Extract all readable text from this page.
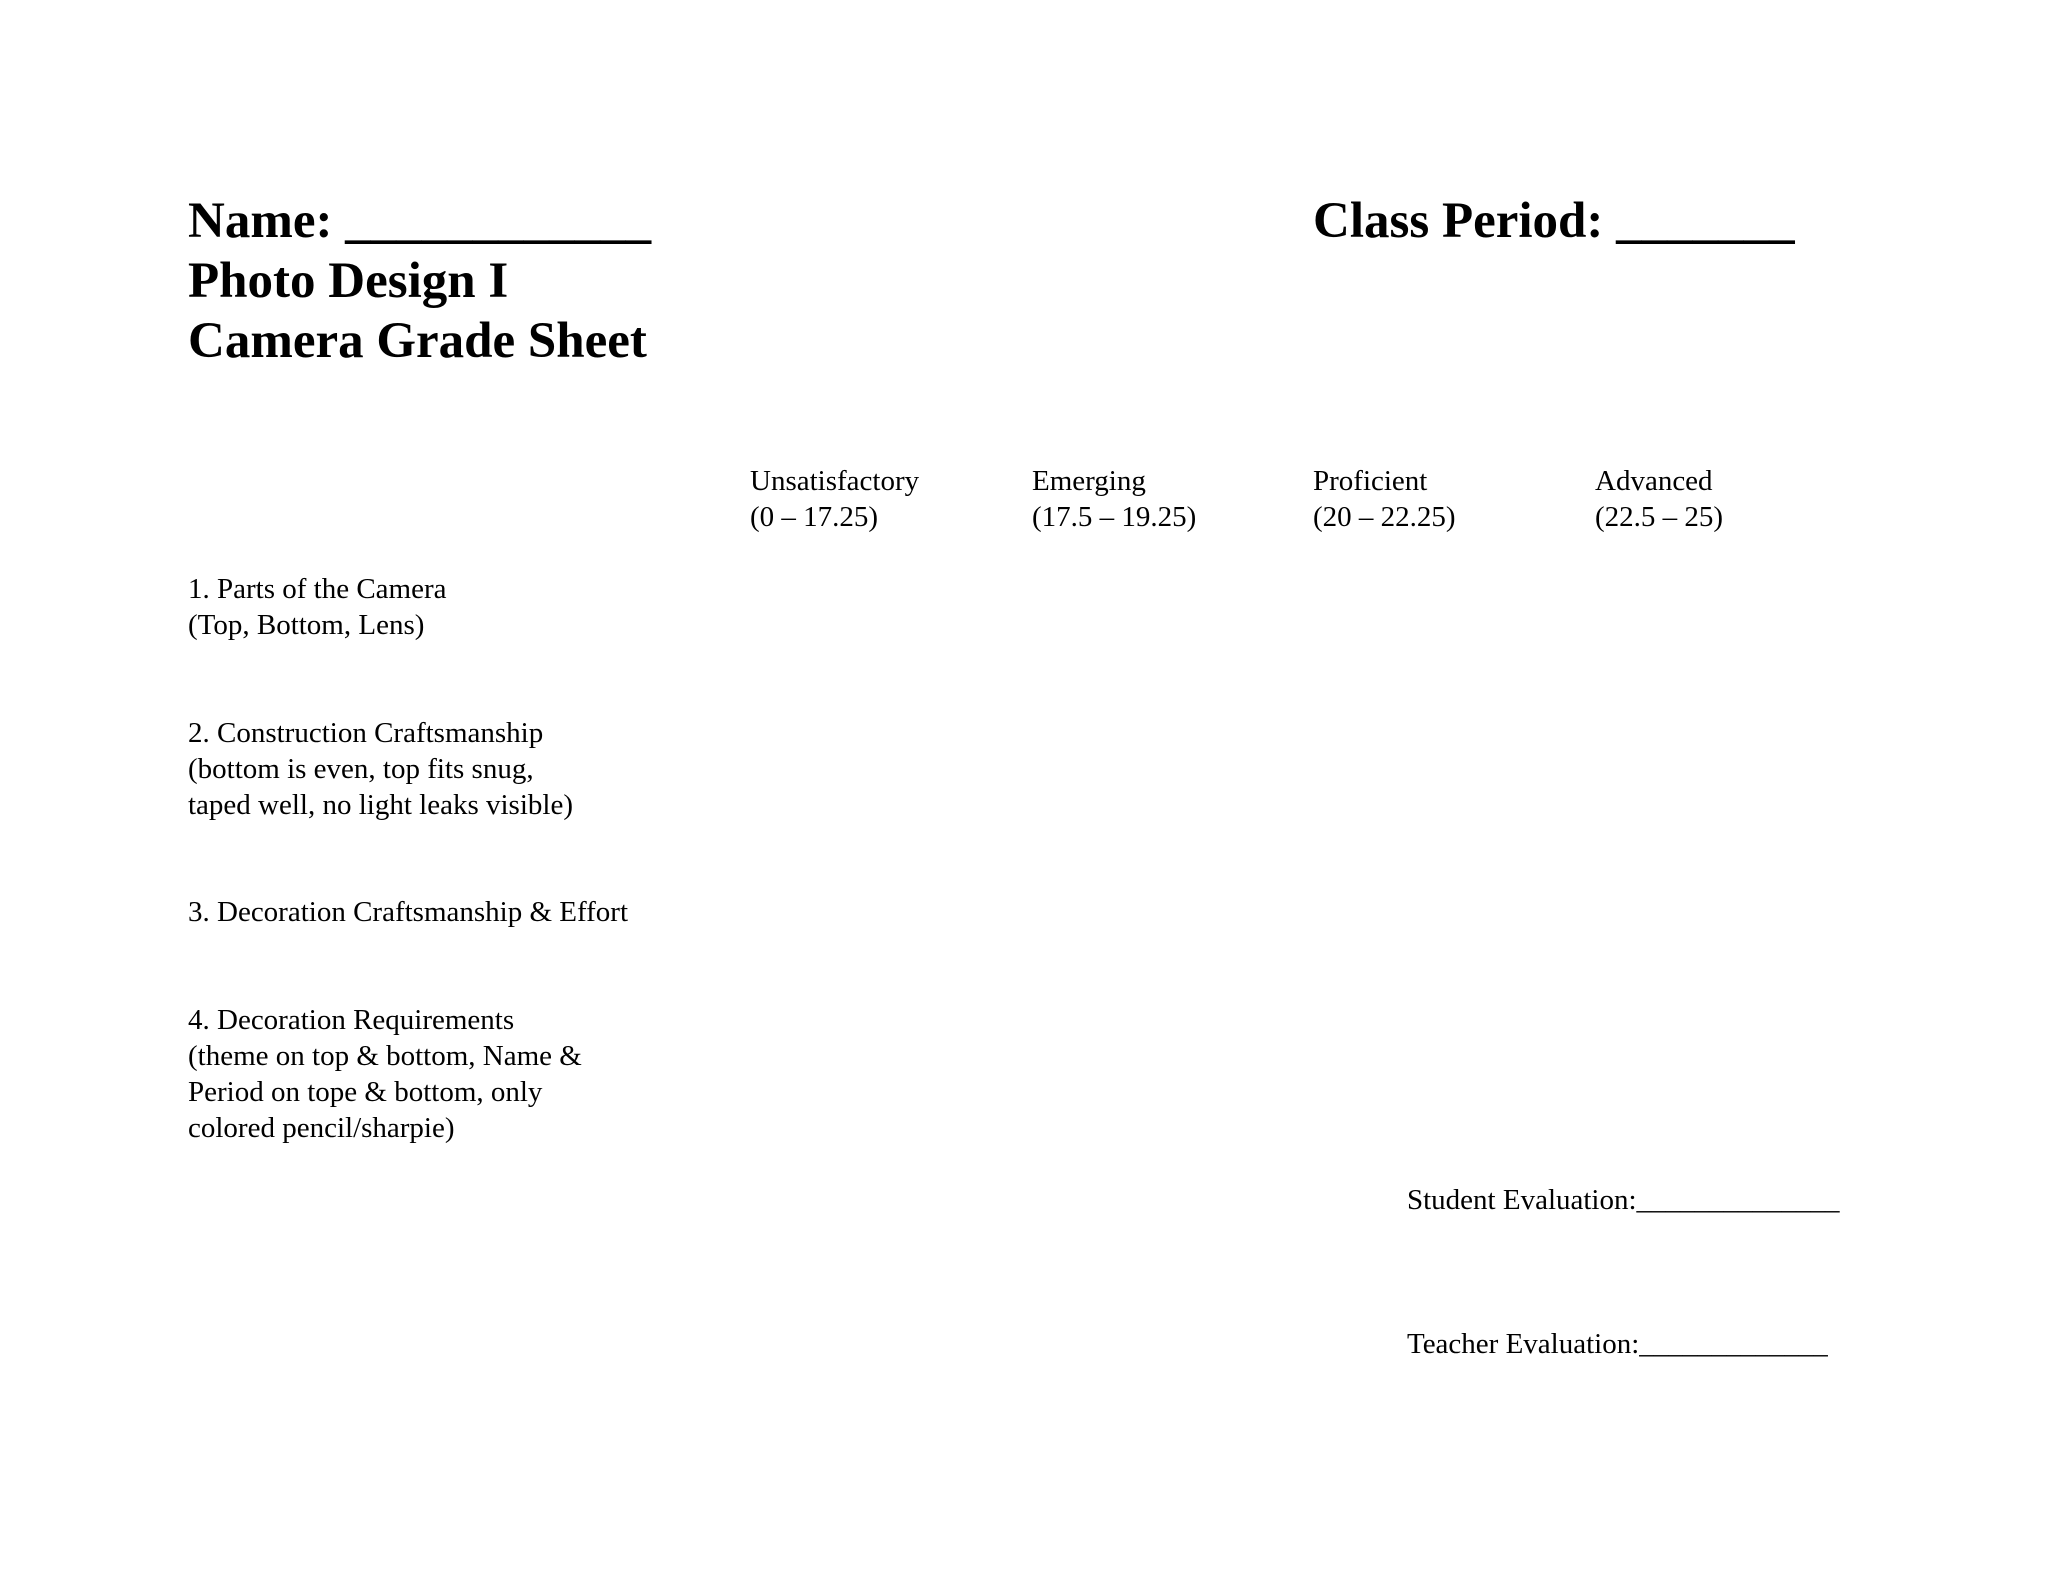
Name: ____________	Class Period: _______
Photo Design I
Camera Grade Sheet
Unsatisfactory
(0 – 17.25)
Emerging
(17.5 – 19.25)
Proficient
(20 – 22.25)
Advanced
(22.5 – 25)
1. Parts of the Camera
(Top, Bottom, Lens)
2. Construction Craftsmanship
(bottom is even, top fits snug,
taped well, no light leaks visible)
3. Decoration Craftsmanship & Effort
4. Decoration Requirements
(theme on top & bottom, Name &
Period on tope & bottom, only
colored pencil/sharpie)
Student Evaluation:______________
Teacher Evaluation:_____________
